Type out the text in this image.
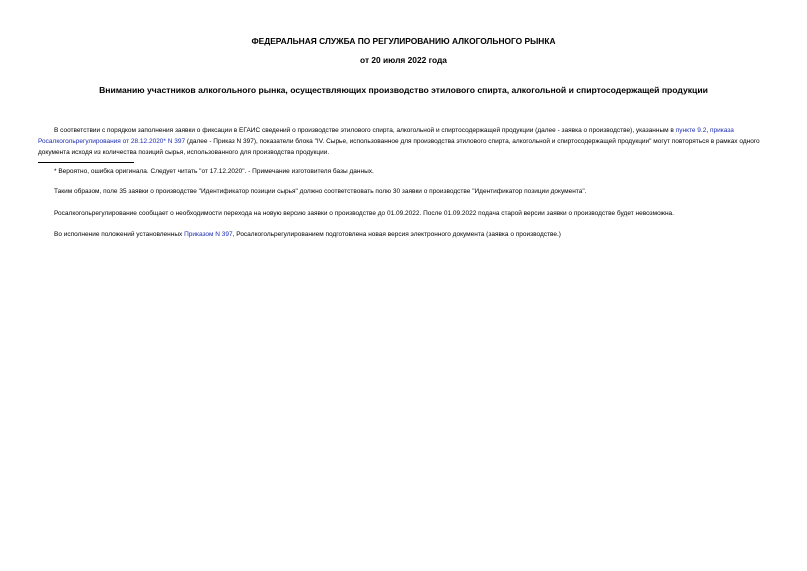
ФЕДЕРАЛЬНАЯ СЛУЖБА ПО РЕГУЛИРОВАНИЮ АЛКОГОЛЬНОГО РЫНКА
от 20 июля 2022 года
Вниманию участников алкогольного рынка, осуществляющих производство этилового спирта, алкогольной и спиртосодержащей продукции

В соответствии с порядком заполнения заявки о фиксации в ЕГАИС сведений о производстве этилового спирта, алкогольной и спиртосодержащей продукции (далее - заявка о производстве), указанным в пункте 9.2, приказа Росалкогольрегулирования от 28.12.2020* N 397 (далее - Приказ N 397), показатели блока "IV. Сырье, использованное для производства этилового спирта, алкогольной и спиртосодержащей продукции" могут повторяться в рамках одного документа исходя из количества позиций сырья, использованного для производства продукции.

* Вероятно, ошибка оригинала. Следует читать "от 17.12.2020". - Примечание изготовителя базы данных.

Таким образом, поле 35 заявки о производстве "Идентификатор позиции сырья" должно соответствовать полю 30 заявки о производстве "Идентификатор позиции документа".

Росалкогольрегулирование сообщает о необходимости перехода на новую версию заявки о производстве до 01.09.2022. После 01.09.2022 подача старой версии заявки о производстве будет невозможна.

Во исполнение положений установленных Приказом N 397, Росалкогольрегулированием подготовлена новая версия электронного документа (заявка о производстве.)
